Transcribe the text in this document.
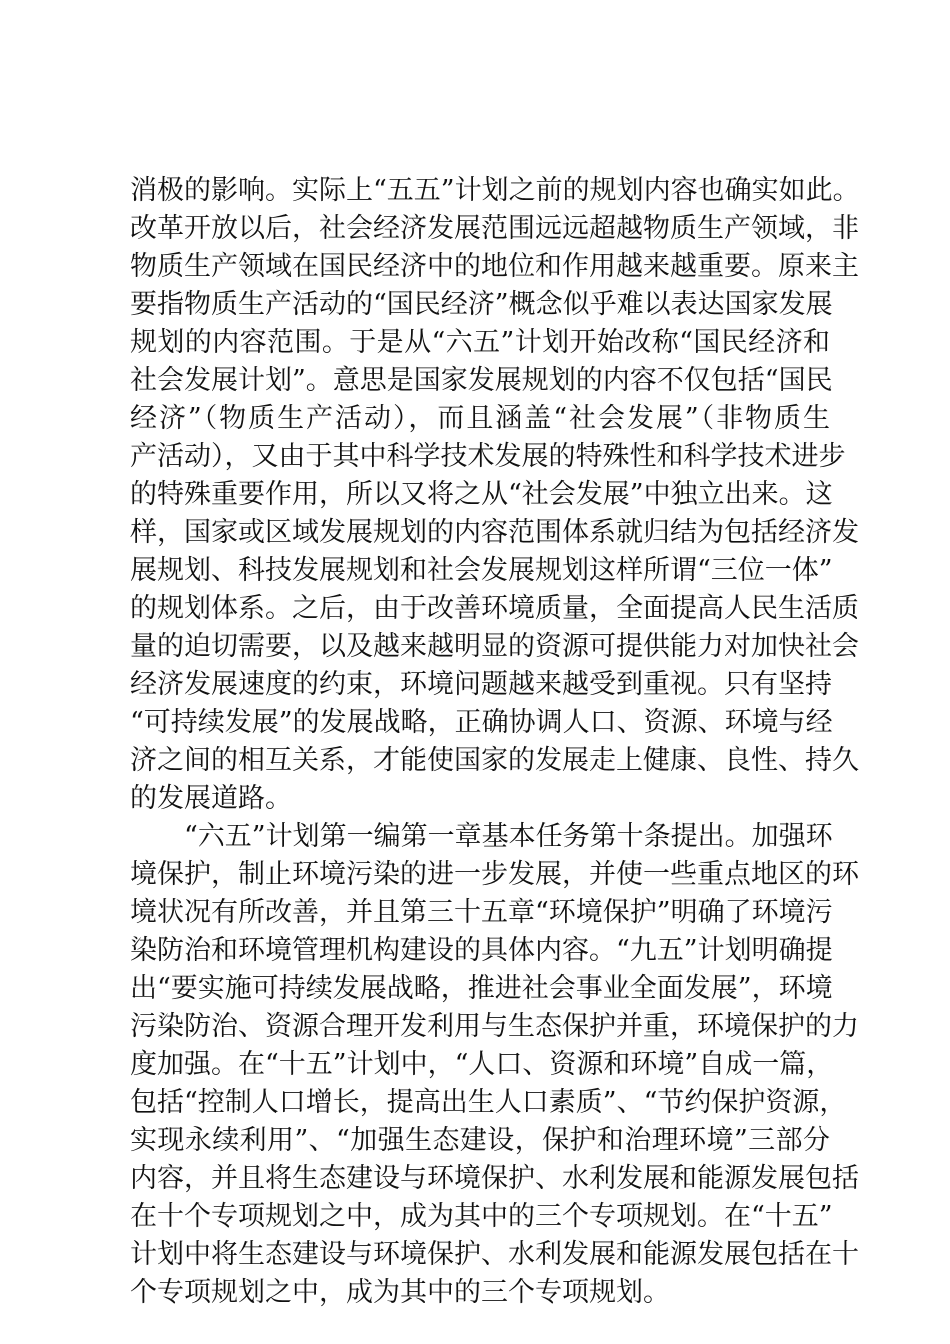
消极的影响。实际上“五五”计划之前的规划内容也确实如此。
改革开放以后，社会经济发展范围远远超越物质生产领域，非
物质生产领域在国民经济中的地位和作用越来越重要。原来主
要指物质生产活动的“国民经济”概念似乎难以表达国家发展
规划的内容范围。于是从“六五”计划开始改称“国民经济和
社会发展计划”。意思是国家发展规划的内容不仅包括“国民
经济”（物质生产活动），而且涵盖“社会发展”（非物质生
产活动），又由于其中科学技术发展的特殊性和科学技术进步
的特殊重要作用，所以又将之从“社会发展”中独立出来。这
样，国家或区域发展规划的内容范围体系就归结为包括经济发
展规划、科技发展规划和社会发展规划这样所谓“三位一体”
的规划体系。之后，由于改善环境质量，全面提高人民生活质
量的迫切需要，以及越来越明显的资源可提供能力对加快社会
经济发展速度的约束，环境问题越来越受到重视。只有坚持
“可持续发展”的发展战略，正确协调人口、资源、环境与经
济之间的相互关系，才能使国家的发展走上健康、良性、持久
的发展道路。
　　“六五”计划第一编第一章基本任务第十条提出。加强环
境保护，制止环境污染的进一步发展，并使一些重点地区的环
境状况有所改善，并且第三十五章“环境保护”明确了环境污
染防治和环境管理机构建设的具体内容。“九五”计划明确提
出“要实施可持续发展战略，推进社会事业全面发展”，环境
污染防治、资源合理开发利用与生态保护并重，环境保护的力
度加强。在“十五”计划中，“人口、资源和环境”自成一篇，
包括“控制人口增长，提高出生人口素质”、“节约保护资源，
实现永续利用”、“加强生态建设，保护和治理环境”三部分
内容，并且将生态建设与环境保护、水利发展和能源发展包括
在十个专项规划之中，成为其中的三个专项规划。在“十五”
计划中将生态建设与环境保护、水利发展和能源发展包括在十
个专项规划之中，成为其中的三个专项规划。
